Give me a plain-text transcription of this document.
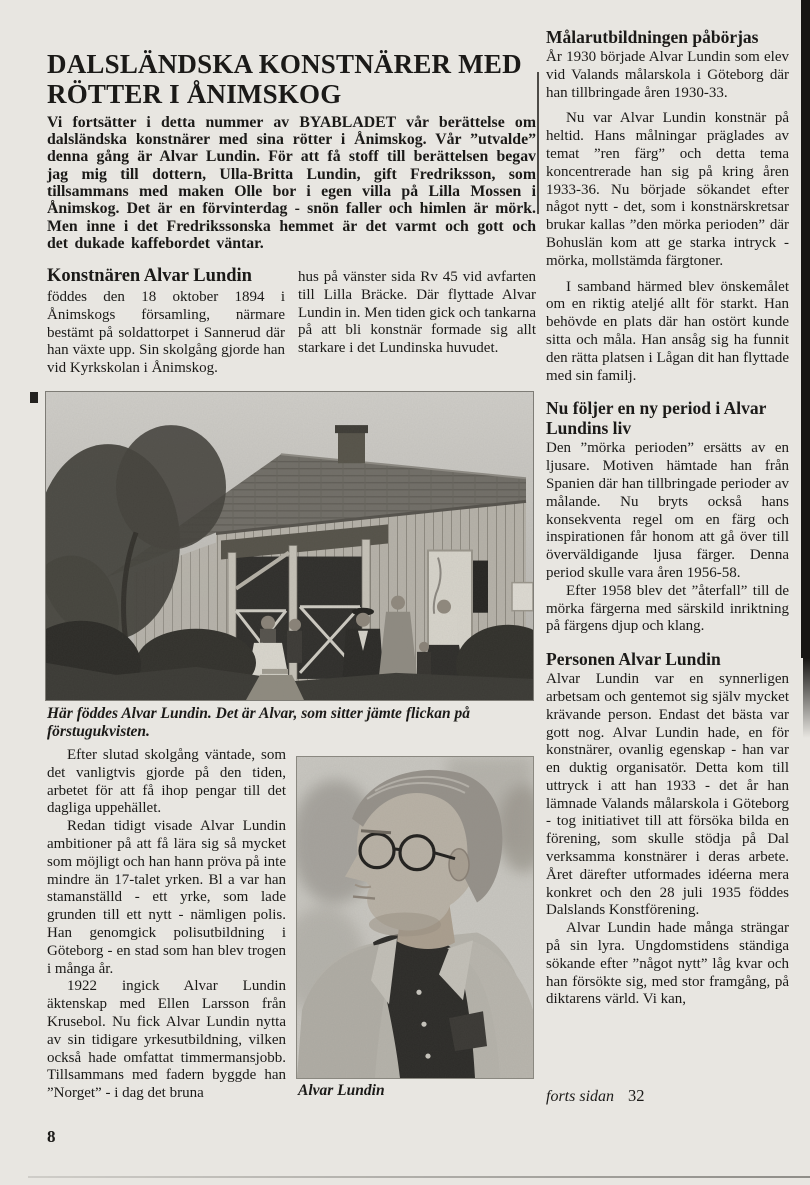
DALSLÄNDSKA KONSTNÄRER MED RÖTTER I ÅNIMSKOG

Vi fortsätter i detta nummer av BYABLADET vår berättelse om dalsländska konstnärer med sina rötter i Ånimskog. Vår ”utvalde” denna gång är Alvar Lundin. För att få stoff till berättelsen begav jag mig till dottern, Ulla-Britta Lundin, gift Fredriksson, som tillsammans med maken Olle bor i egen villa på Lilla Mossen i Ånimskog. Det är en förvinterdag - snön faller och himlen är mörk. Men inne i det Fredrikssonska hemmet är det varmt och gott och det dukade kaffebordet väntar.

Konstnären Alvar Lundin

föddes den 18 oktober 1894 i Ånimskogs församling, närmare bestämt på soldattorpet i Sannerud där han växte upp. Sin skolgång gjorde han vid Kyrkskolan i Ånimskog.

hus på vänster sida Rv 45 vid avfarten till Lilla Bräcke. Där flyttade Alvar Lundin in. Men tiden gick och tankarna på att bli konstnär formade sig allt starkare i det Lundinska huvudet.

Här föddes Alvar Lundin. Det är Alvar, som sitter jämte flickan på förstugukvisten.

Efter slutad skolgång väntade, som det vanligtvis gjorde på den tiden, arbetet för att få ihop pengar till det dagliga uppehället.

Redan tidigt visade Alvar Lundin ambitioner på att få lära sig så mycket som möjligt och han hann pröva på inte mindre än 17-talet yrken. Bl a var han stamanställd - ett yrke, som lade grunden till ett nytt - nämligen polis. Han genomgick polisutbildning i Göteborg - en stad som han blev trogen i många år.

1922 ingick Alvar Lundin äktenskap med Ellen Larsson från Krusebol. Nu fick Alvar Lundin nytta av sin tidigare yrkesutbildning, vilken också hade omfattat timmermansjobb. Tillsammans med fadern byggde han ”Norget” - i dag det bruna	Alvar Lundin

Målarutbildningen påbörjas

År 1930 började Alvar Lundin som elev vid Valands målarskola i Göteborg där han tillbringade åren 1930-33.

Nu var Alvar Lundin konstnär på heltid. Hans målningar präglades av temat ”ren färg” och detta tema koncentrerade han sig på kring åren 1933-36. Nu började sökandet efter något nytt - det, som i konstnärskretsar brukar kallas ”den mörka perioden” där Bohuslän kom att ge starka intryck - mörka, mollstämda färgtoner.

I samband härmed blev önskemålet om en riktig ateljé allt för starkt. Han behövde en plats där han ostört kunde sitta och måla. Han ansåg sig ha funnit den rätta platsen i Lågan dit han flyttade med sin familj.

Nu följer en ny period i Alvar Lundins liv

Den ”mörka perioden” ersätts av en ljusare. Motiven hämtade han från Spanien där han tillbringade perioder av målande. Nu bryts också hans konsekventa regel om en färg och inspirationen får honom att gå över till överväldigande ljusa färger. Denna period skulle vara åren 1956-58.

Efter 1958 blev det ”återfall” till de mörka färgerna med särskild inriktning på färgens djup och klang.

Personen Alvar Lundin

Alvar Lundin var en synnerligen arbetsam och gentemot sig själv mycket krävande person. Endast det bästa var gott nog. Alvar Lundin hade, en för konstnärer, ovanlig egenskap - han var en duktig organisatör. Detta kom till uttryck i att han 1933 - det år han lämnade Valands målarskola i Göteborg - tog initiativet till att försöka bilda en förening, som skulle stödja på Dal verksamma konstnärer i deras arbete. Året därefter utformades idéerna mera konkret och den 28 juli 1935 föddes Dalslands Konstförening.

Alvar Lundin hade många strängar på sin lyra. Ungdomstidens ständiga sökande efter ”något nytt” låg kvar och han försökte sig, med stor framgång, på diktarens värld. Vi kan,

forts sidan 32
8
